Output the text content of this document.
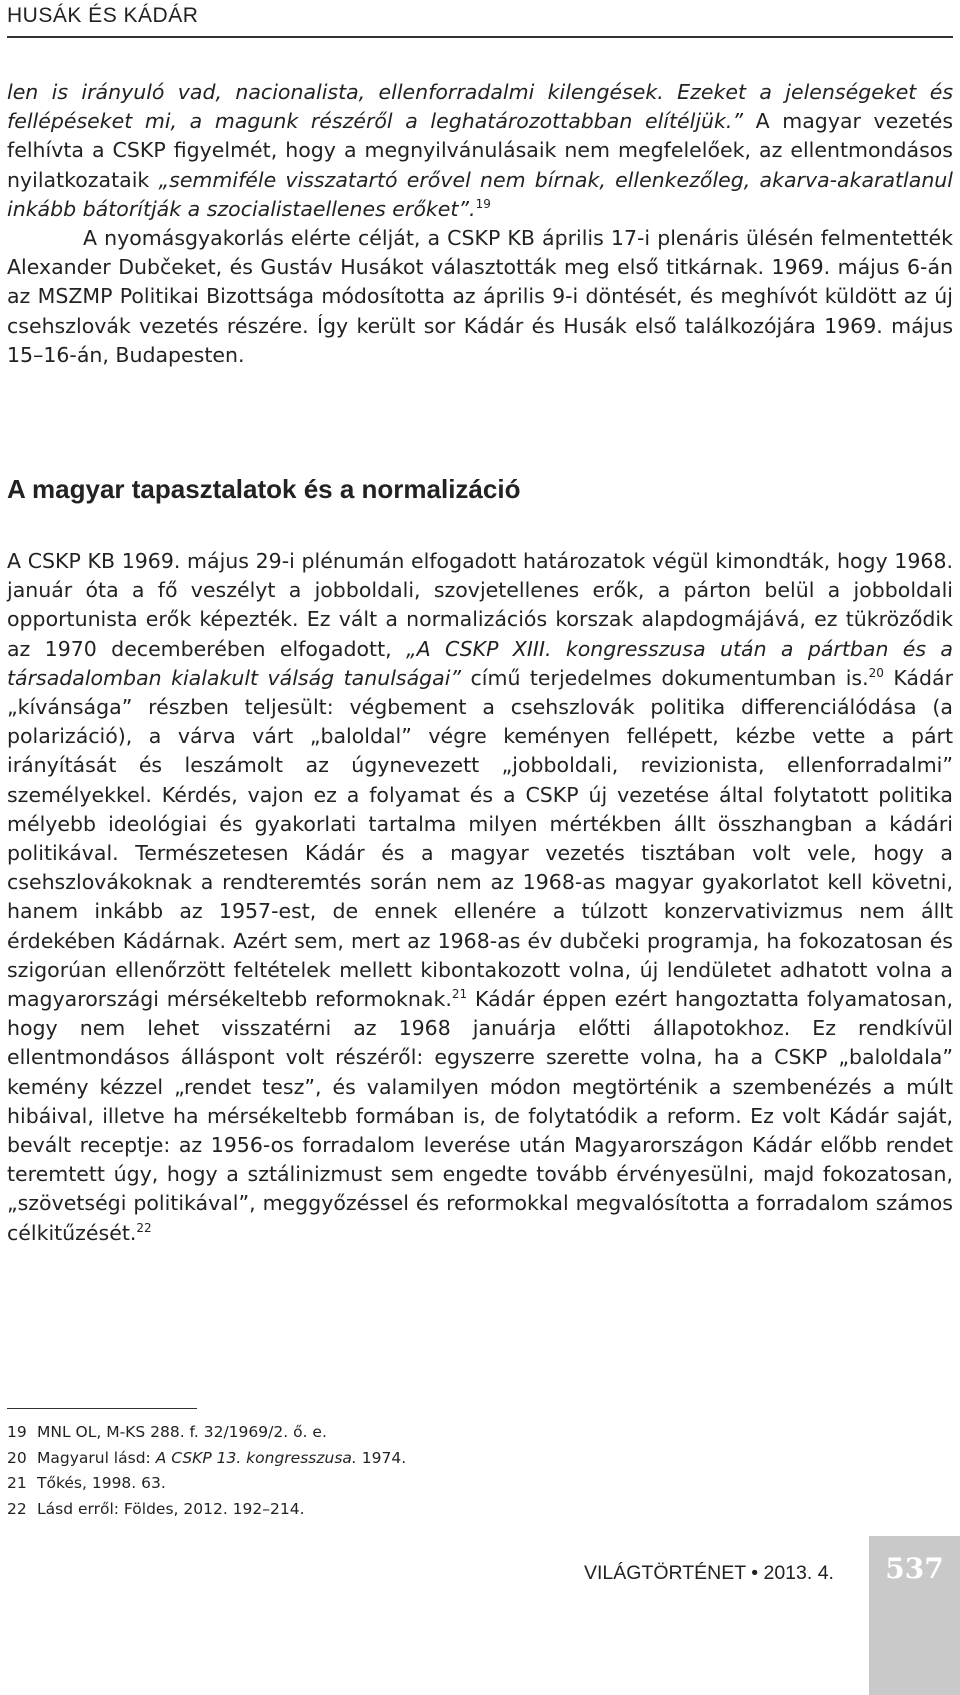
HUSÁK ÉS KÁDÁR

len is irányuló vad, nacionalista, ellenforradalmi kilengések. Ezeket a jelenségeket és fellépéseket mi, a magunk részéről a leghatározottabban elítéljük.” A magyar vezetés felhívta a CSKP figyelmét, hogy a megnyilvánulásaik nem megfelelőek, az ellentmondásos nyilatkozataik „semmiféle visszatartó erővel nem bírnak, ellenkezőleg, akarva-akaratlanul inkább bátorítják a szocialistaellenes erőket”.$^{19}$

A nyomásgyakorlás elérte célját, a CSKP KB április 17-i plenáris ülésén felmentették Alexander Dubčeket, és Gustáv Husákot választották meg első titkárnak. 1969. május 6-án az MSZMP Politikai Bizottsága módosította az április 9-i döntését, és meghívót küldött az új csehszlovák vezetés részére. Így került sor Kádár és Husák első találkozójára 1969. május 15–16-án, Budapesten.

A magyar tapasztalatok és a normalizáció

A CSKP KB 1969. május 29-i plénumán elfogadott határozatok végül kimondták, hogy 1968. január óta a fő veszélyt a jobboldali, szovjetellenes erők, a párton belül a jobboldali opportunista erők képezték. Ez vált a normalizációs korszak alapdogmájává, ez tükröződik az 1970 decemberében elfogadott, „A CSKP XIII. kongresszusa után a pártban és a társadalomban kialakult válság tanulságai” című terjedelmes dokumentumban is.$^{20}$ Kádár „kívánsága” részben teljesült: végbement a csehszlovák politika differenciálódása (a polarizáció), a várva várt „baloldal” végre keményen fellépett, kézbe vette a párt irányítását és leszámolt az úgynevezett „jobboldali, revizionista, ellenforradalmi” személyekkel. Kérdés, vajon ez a folyamat és a CSKP új vezetése által folytatott politika mélyebb ideológiai és gyakorlati tartalma milyen mértékben állt összhangban a kádári politikával. Természetesen Kádár és a magyar vezetés tisztában volt vele, hogy a csehszlovákoknak a rendteremtés során nem az 1968-as magyar gyakorlatot kell követni, hanem inkább az 1957-est, de ennek ellenére a túlzott konzervativizmus nem állt érdekében Kádárnak. Azért sem, mert az 1968-as év dubčeki programja, ha fokozatosan és szigorúan ellenőrzött feltételek mellett kibontakozott volna, új lendületet adhatott volna a magyarországi mérsékeltebb reformoknak.$^{21}$ Kádár éppen ezért hangoztatta folyamatosan, hogy nem lehet visszatérni az 1968 januárja előtti állapotokhoz. Ez rendkívül ellentmondásos álláspont volt részéről: egyszerre szerette volna, ha a CSKP „baloldala” kemény kézzel „rendet tesz”, és valamilyen módon megtörténik a szembenézés a múlt hibáival, illetve ha mérsékeltebb formában is, de folytatódik a reform. Ez volt Kádár saját, bevált receptje: az 1956-os forradalom leverése után Magyarországon Kádár előbb rendet teremtett úgy, hogy a sztálinizmust sem engedte tovább érvényesülni, majd fokozatosan, „szövetségi politikával”, meggyőzéssel és reformokkal megvalósította a forradalom számos célkitűzését.$^{22}$

19 MNL OL, M-KS 288. f. 32/1969/2. ő. e.
20 Magyarul lásd: A CSKP 13. kongresszusa. 1974.
21 Tőkés, 1998. 63.
22 Lásd erről: Földes, 2012. 192–214.
VILÁGTÖRTÉNET • 2013. 4.	537
